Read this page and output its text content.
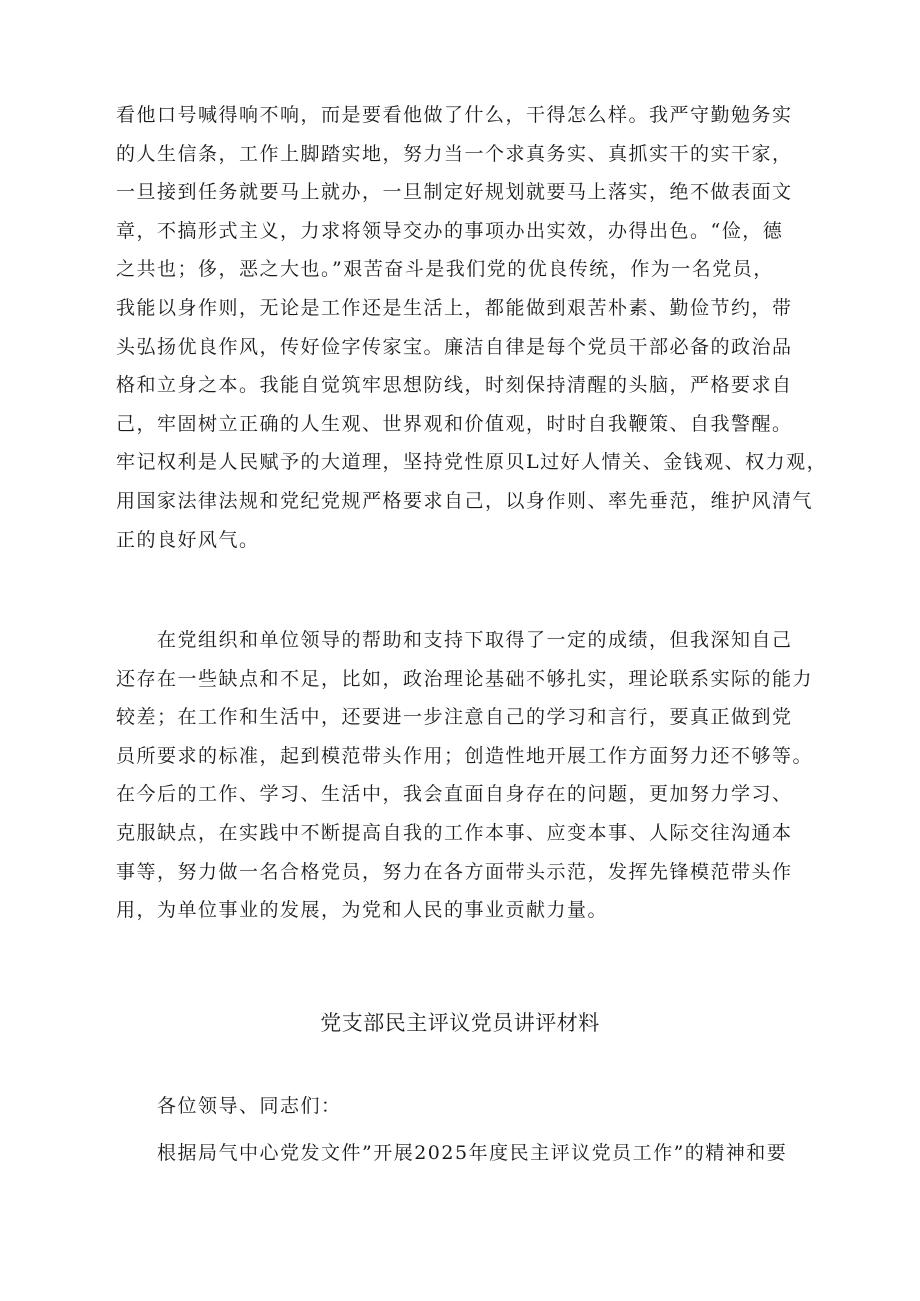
看他口号喊得响不响，而是要看他做了什么，干得怎么样。我严守勤勉务实
的人生信条，工作上脚踏实地，努力当一个求真务实、真抓实干的实干家，
一旦接到任务就要马上就办，一旦制定好规划就要马上落实，绝不做表面文
章，不搞形式主义，力求将领导交办的事项办出实效，办得出色。“俭，德
之共也；侈，恶之大也。”艰苦奋斗是我们党的优良传统，作为一名党员，
我能以身作则，无论是工作还是生活上，都能做到艰苦朴素、勤俭节约，带
头弘扬优良作风，传好俭字传家宝。廉洁自律是每个党员干部必备的政治品
格和立身之本。我能自觉筑牢思想防线，时刻保持清醒的头脑，严格要求自
己，牢固树立正确的人生观、世界观和价值观，时时自我鞭策、自我警醒。
牢记权利是人民赋予的大道理，坚持党性原贝L过好人情关、金钱观、权力观，
用国家法律法规和党纪党规严格要求自己，以身作则、率先垂范，维护风清气
正的良好风气。
　　在党组织和单位领导的帮助和支持下取得了一定的成绩，但我深知自己
还存在一些缺点和不足，比如，政治理论基础不够扎实，理论联系实际的能力
较差；在工作和生活中，还要进一步注意自己的学习和言行，要真正做到党
员所要求的标准，起到模范带头作用；创造性地开展工作方面努力还不够等。
在今后的工作、学习、生活中，我会直面自身存在的问题，更加努力学习、
克服缺点，在实践中不断提高自我的工作本事、应变本事、人际交往沟通本
事等，努力做一名合格党员，努力在各方面带头示范，发挥先锋模范带头作
用，为单位事业的发展，为党和人民的事业贡献力量。
党支部民主评议党员讲评材料
　　各位领导、同志们：
　　根据局气中心党发文件”开展2025年度民主评议党员工作”的精神和要
